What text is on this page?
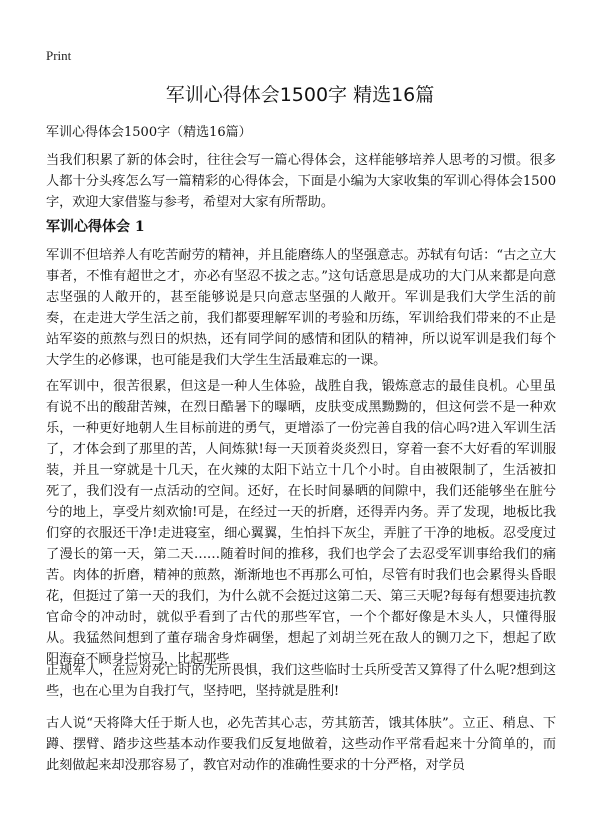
Print
军训心得体会1500字 精选16篇
军训心得体会1500字（精选16篇）

当我们积累了新的体会时，往往会写一篇心得体会，这样能够培养人思考的习惯。很多人都十分头疼怎么写一篇精彩的心得体会，下面是小编为大家收集的军训心得体会1500字，欢迎大家借鉴与参考，希望对大家有所帮助。

军训心得体会 1

军训不但培养人有吃苦耐劳的精神，并且能磨练人的坚强意志。苏轼有句话：“古之立大事者，不惟有超世之才，亦必有坚忍不拔之志。”这句话意思是成功的大门从来都是向意志坚强的人敞开的，甚至能够说是只向意志坚强的人敞开。军训是我们大学生活的前奏，在走进大学生活之前，我们都要理解军训的考验和历练，军训给我们带来的不止是站军姿的煎熬与烈日的炽热，还有同学间的感情和团队的精神，所以说军训是我们每个大学生的必修课，也可能是我们大学生生活最难忘的一课。

在军训中，很苦很累，但这是一种人生体验，战胜自我，锻炼意志的最佳良机。心里虽有说不出的酸甜苦辣，在烈日酷暑下的曝晒，皮肤变成黑黝黝的，但这何尝不是一种欢乐，一种更好地朝人生目标前进的勇气，更增添了一份完善自我的信心吗?进入军训生活了，才体会到了那里的苦，人间炼狱!每一天顶着炎炎烈日，穿着一套不大好看的军训服装，并且一穿就是十几天，在火辣的太阳下站立十几个小时。自由被限制了，生活被扣死了，我们没有一点活动的空间。还好，在长时间暴晒的间隙中，我们还能够坐在脏兮兮的地上，享受片刻欢愉!可是，在经过一天的折磨，还得弄内务。弄了发现，地板比我们穿的衣服还干净!走进寝室，细心翼翼，生怕抖下灰尘，弄脏了干净的地板。忍受度过了漫长的第一天，第二天……随着时间的推移，我们也学会了去忍受军训事给我们的痛苦。肉体的折磨，精神的煎熬，渐渐地也不再那么可怕，尽管有时我们也会累得头昏眼花，但挺过了第一天的我们，为什么就不会挺过这第二天、第三天呢?每每有想要违抗教官命令的冲动时，就似乎看到了古代的那些军官，一个个都好像是木头人，只懂得服从。我猛然间想到了董存瑞舍身炸碉堡，想起了刘胡兰死在敌人的铡刀之下，想起了欧阳海奋不顾身拦惊马，比起那些

正规军人，在应对死亡时的无所畏惧，我们这些临时士兵所受苦又算得了什么呢?想到这些，也在心里为自我打气，坚持吧，坚持就是胜利!

古人说“天将降大任于斯人也，必先苦其心志，劳其筋苦，饿其体肤”。立正、稍息、下蹲、摆臂、踏步这些基本动作要我们反复地做着，这些动作平常看起来十分简单的，而此刻做起来却没那容易了，教官对动作的准确性要求的十分严格，对学员
